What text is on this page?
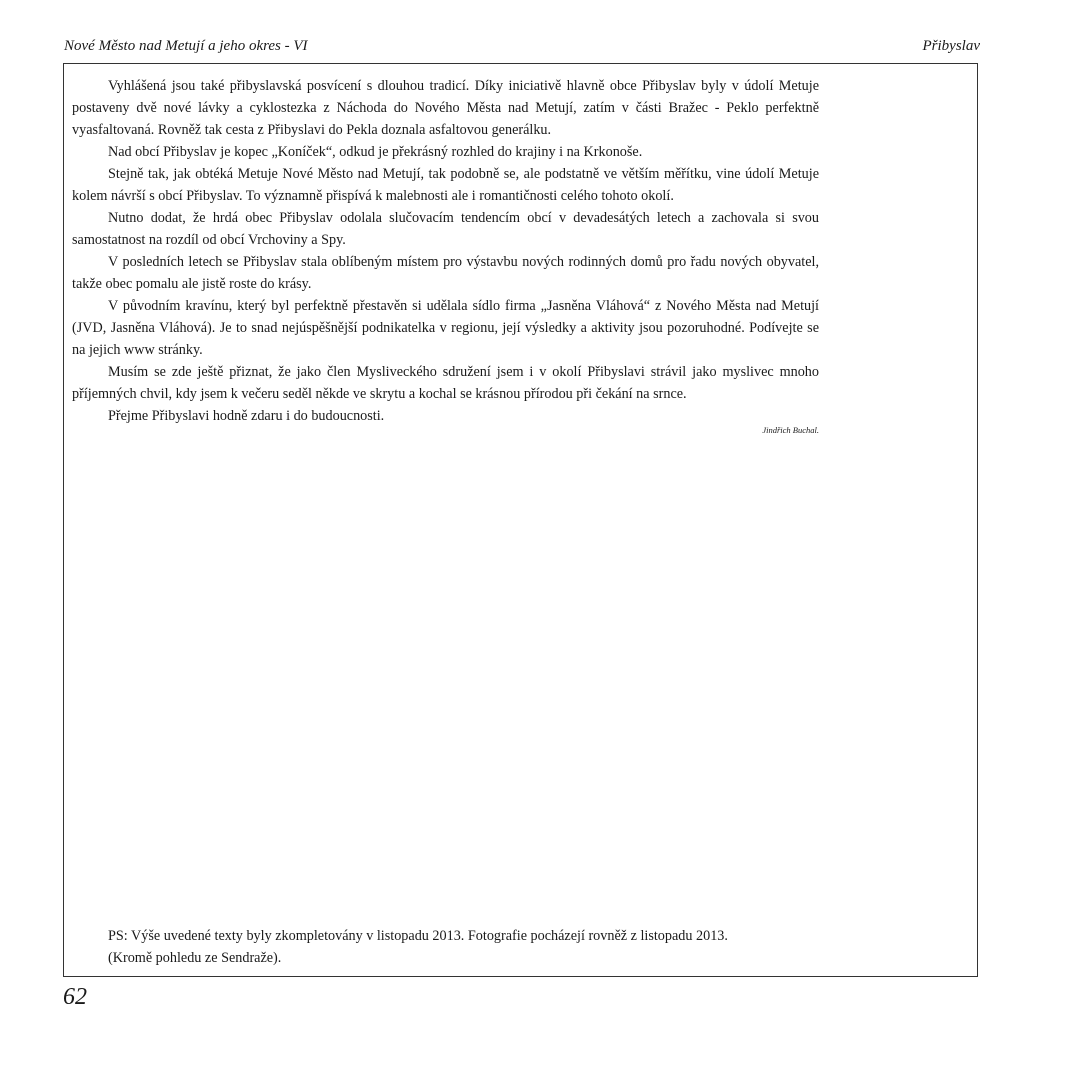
Nové Město nad Metují a jeho okres - VI	Přibyslav

Vyhlášená jsou také přibyslavská posvícení s dlouhou tradicí. Díky iniciativě hlavně obce Přibyslav byly v údolí Metuje postaveny dvě nové lávky a cyklostezka z Náchoda do Nového Města nad Metují, zatím v části Bražec - Peklo perfektně vyasfaltovaná. Rovněž tak cesta z Přibyslavi do Pekla doznala asfaltovou generálku.

Nad obcí Přibyslav je kopec „Koníček“, odkud je překrásný rozhled do krajiny i na Krkonoše.

Stejně tak, jak obtéká Metuje Nové Město nad Metují, tak podobně se, ale podstatně ve větším měřítku, vine údolí Metuje kolem návrší s obcí Přibyslav. To významně přispívá k malebnosti ale i romantičnosti celého tohoto okolí.

Nutno dodat, že hrdá obec Přibyslav odolala slučovacím tendencím obcí v devadesátých letech a zachovala si svou samostatnost na rozdíl od obcí Vrchoviny a Spy.

V posledních letech se Přibyslav stala oblíbeným místem pro výstavbu nových rodinných domů pro řadu nových obyvatel, takže obec pomalu ale jistě roste do krásy.

V původním kravínu, který byl perfektně přestavěn si udělala sídlo firma „Jasněna Vláhová“ z Nového Města nad Metují (JVD, Jasněna Vláhová). Je to snad nejúspěšnější podnikatelka v regionu, její výsledky a aktivity jsou pozoruhodné. Podívejte se na jejich www stránky.

Musím se zde ještě přiznat, že jako člen Mysliveckého sdružení jsem i v okolí Přibyslavi strávil jako myslivec mnoho příjemných chvil, kdy jsem k večeru seděl někde ve skrytu a kochal se krásnou přírodou při čekání na srnce.

Přejme Přibyslavi hodně zdaru i do budoucnosti.

Jindřich Buchal.
PS: Výše uvedené texty byly zkompletovány v listopadu 2013. Fotografie pocházejí rovněž z listopadu 2013.
(Kromě pohledu ze Sendraže).
62
